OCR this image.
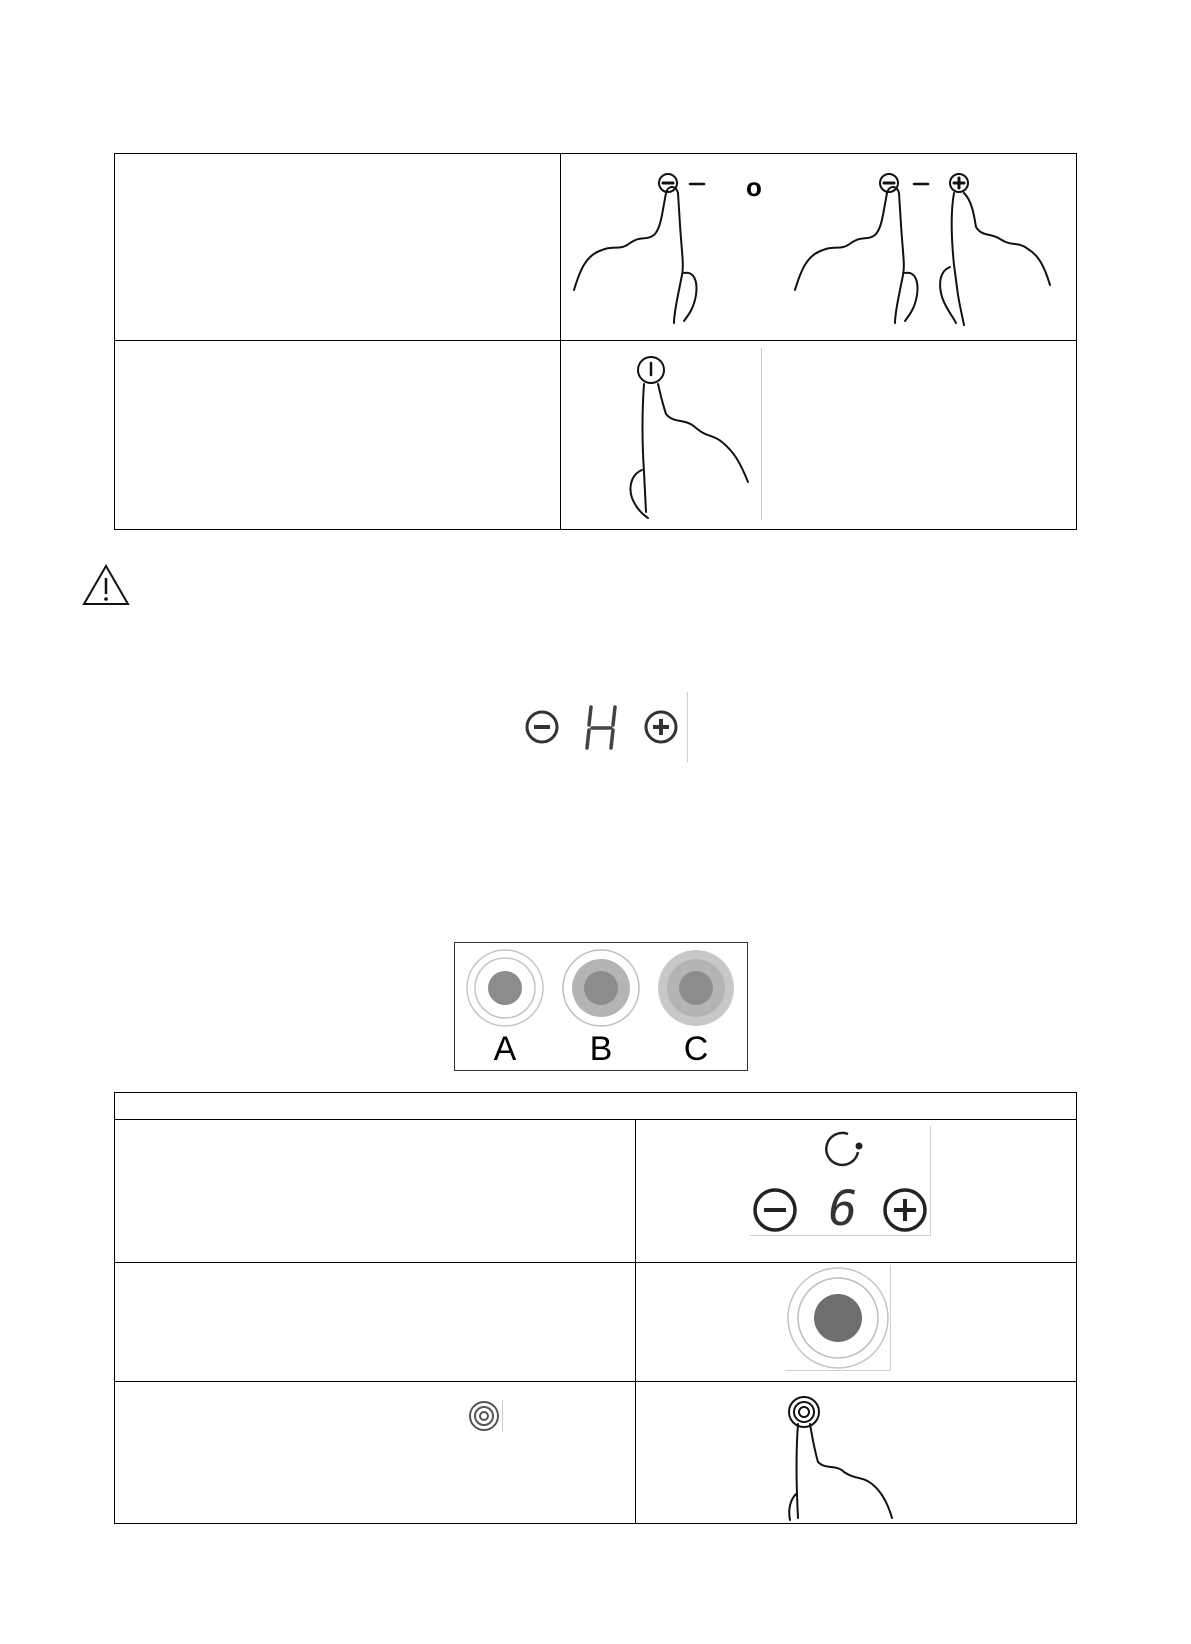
o
A	B	C
6
